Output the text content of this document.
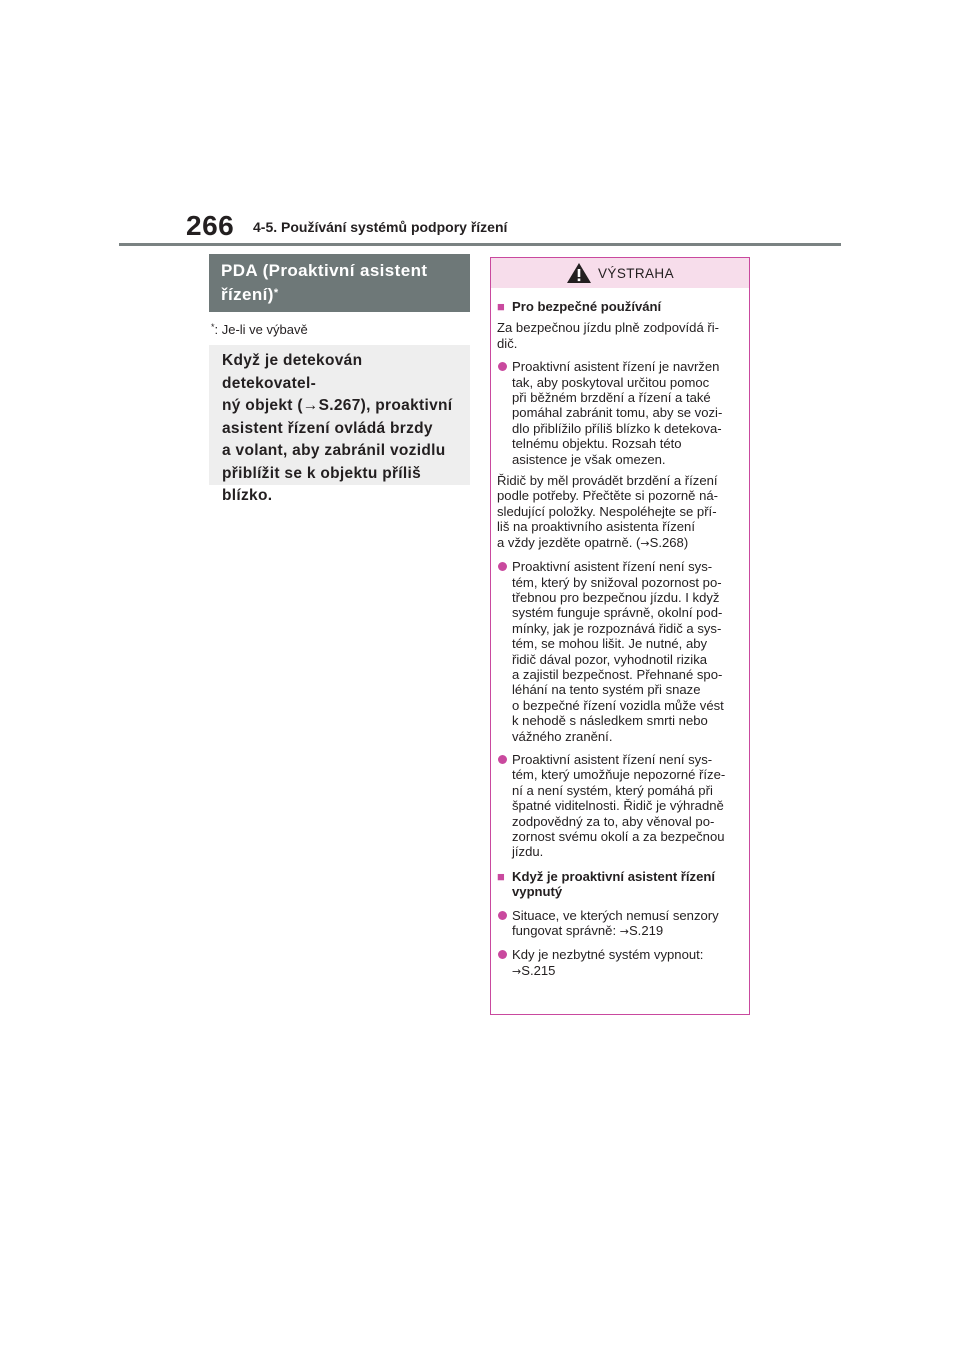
266 4-5. Používání systémů podpory řízení
PDA (Proaktivní asistent
řízení)*
*: Je-li ve výbavě
Když je detekován detekovatel-
ný objekt (→S.267), proaktivní
asistent řízení ovládá brzdy
a volant, aby zabránil vozidlu
přiblížit se k objektu příliš
blízko.
VÝSTRAHA
■ Pro bezpečné používání
Za bezpečnou jízdu plně zodpovídá ři-
dič.
Proaktivní asistent řízení je navržen
tak, aby poskytoval určitou pomoc
při běžném brzdění a řízení a také
pomáhal zabránit tomu, aby se vozi-
dlo přiblížilo příliš blízko k detekova-
telnému objektu. Rozsah této
asistence je však omezen.
Řidič by měl provádět brzdění a řízení
podle potřeby. Přečtěte si pozorně ná-
sledující položky. Nespoléhejte se pří-
liš na proaktivního asistenta řízení
a vždy jezděte opatrně. (→S.268)
Proaktivní asistent řízení není sys-
tém, který by snižoval pozornost po-
třebnou pro bezpečnou jízdu. I když
systém funguje správně, okolní pod-
mínky, jak je rozpoznává řidič a sys-
tém, se mohou lišit. Je nutné, aby
řidič dával pozor, vyhodnotil rizika
a zajistil bezpečnost. Přehnané spo-
léhání na tento systém při snaze
o bezpečné řízení vozidla může vést
k nehodě s následkem smrti nebo
vážného zranění.
Proaktivní asistent řízení není sys-
tém, který umožňuje nepozorné říze-
ní a není systém, který pomáhá při
špatné viditelnosti. Řidič je výhradně
zodpovědný za to, aby věnoval po-
zornost svému okolí a za bezpečnou
jízdu.
■ Když je proaktivní asistent řízení
vypnutý
Situace, ve kterých nemusí senzory
fungovat správně: →S.219
Kdy je nezbytné systém vypnout:
→S.215
